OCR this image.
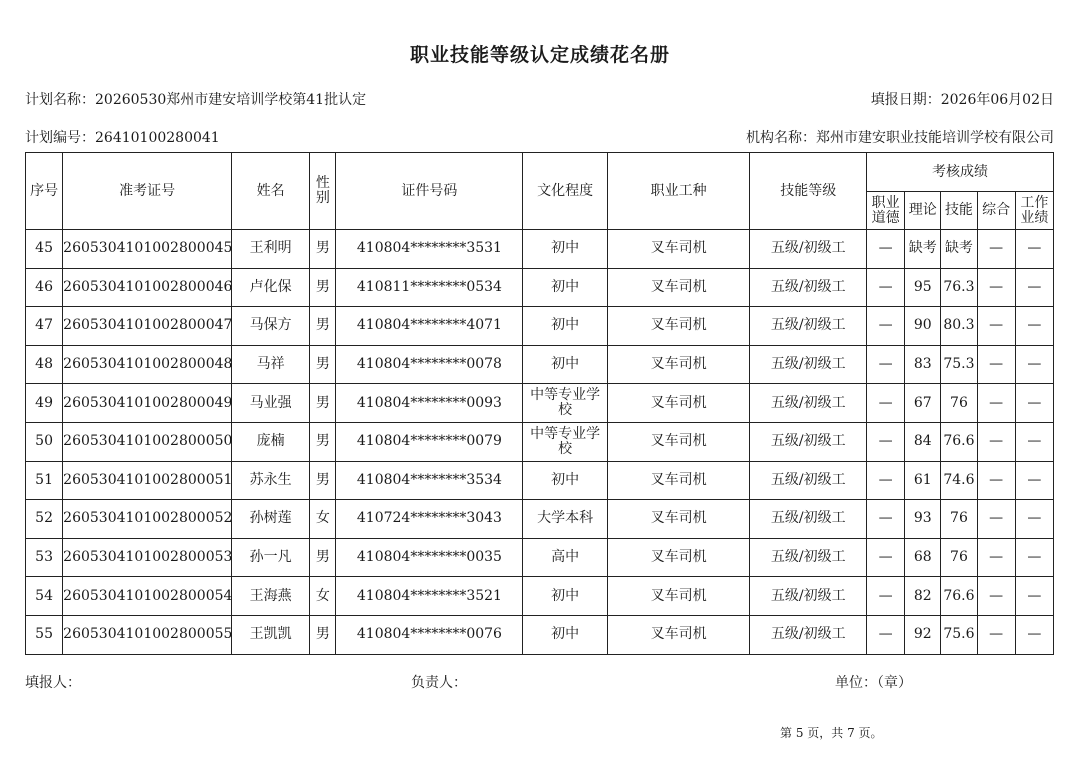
职业技能等级认定成绩花名册
计划名称：20260530郑州市建安培训学校第41批认定	填报日期：2026年06月02日
计划编号：26410100280041	机构名称：郑州市建安职业技能培训学校有限公司
序号	准考证号	姓名	性别	证件号码	文化程度	职业工种	技能等级	考核成绩				
								职业道德	理论	技能	综合	工作业绩
45	2605304101002800045	王利明	男	410804********3531	初中	叉车司机	五级/初级工	—	缺考	缺考	—	—
46	2605304101002800046	卢化保	男	410811********0534	初中	叉车司机	五级/初级工	—	95	76.3	—	—
47	2605304101002800047	马保方	男	410804********4071	初中	叉车司机	五级/初级工	—	90	80.3	—	—
48	2605304101002800048	马祥	男	410804********0078	初中	叉车司机	五级/初级工	—	83	75.3	—	—
49	2605304101002800049	马业强	男	410804********0093	中等专业学校	叉车司机	五级/初级工	—	67	76	—	—
50	2605304101002800050	庞楠	男	410804********0079	中等专业学校	叉车司机	五级/初级工	—	84	76.6	—	—
51	2605304101002800051	苏永生	男	410804********3534	初中	叉车司机	五级/初级工	—	61	74.6	—	—
52	2605304101002800052	孙树莲	女	410724********3043	大学本科	叉车司机	五级/初级工	—	93	76	—	—
53	2605304101002800053	孙一凡	男	410804********0035	高中	叉车司机	五级/初级工	—	68	76	—	—
54	2605304101002800054	王海燕	女	410804********3521	初中	叉车司机	五级/初级工	—	82	76.6	—	—
55	2605304101002800055	王凯凯	男	410804********0076	初中	叉车司机	五级/初级工	—	92	75.6	—	—
填报人：	负责人：	单位：（章）
第 5 页，共 7 页。
